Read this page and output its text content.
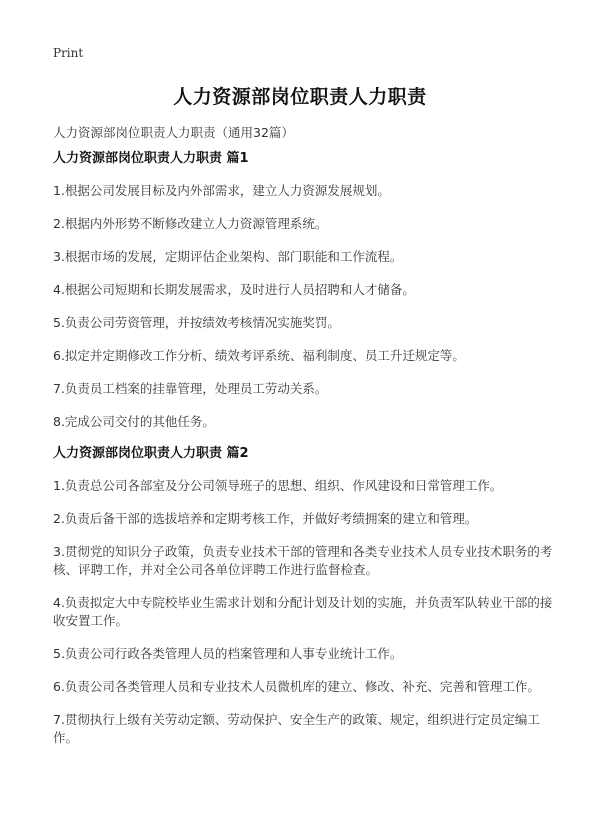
Print
人力资源部岗位职责人力职责
人力资源部岗位职责人力职责（通用32篇）
人力资源部岗位职责人力职责 篇1
1.根据公司发展目标及内外部需求，建立人力资源发展规划。
2.根据内外形势不断修改建立人力资源管理系统。
3.根据市场的发展，定期评估企业架构、部门职能和工作流程。
4.根据公司短期和长期发展需求，及时进行人员招聘和人才储备。
5.负责公司劳资管理，并按绩效考核情况实施奖罚。
6.拟定并定期修改工作分析、绩效考评系统、福利制度、员工升迁规定等。
7.负责员工档案的挂靠管理，处理员工劳动关系。
8.完成公司交付的其他任务。
人力资源部岗位职责人力职责 篇2
1.负责总公司各部室及分公司领导班子的思想、组织、作风建设和日常管理工作。
2.负责后备干部的选拔培养和定期考核工作，并做好考绩拥案的建立和管理。
3.贯彻党的知识分子政策，负责专业技术干部的管理和各类专业技术人员专业技术职务的考核、评聘工作，并对全公司各单位评聘工作进行监督检查。
4.负责拟定大中专院校毕业生需求计划和分配计划及计划的实施，并负责军队转业干部的接收安置工作。
5.负责公司行政各类管理人员的档案管理和人事专业统计工作。
6.负责公司各类管理人员和专业技术人员微机库的建立、修改、补充、完善和管理工作。
7.贯彻执行上级有关劳动定额、劳动保护、安全生产的政策、规定，组织进行定员定编工作。
